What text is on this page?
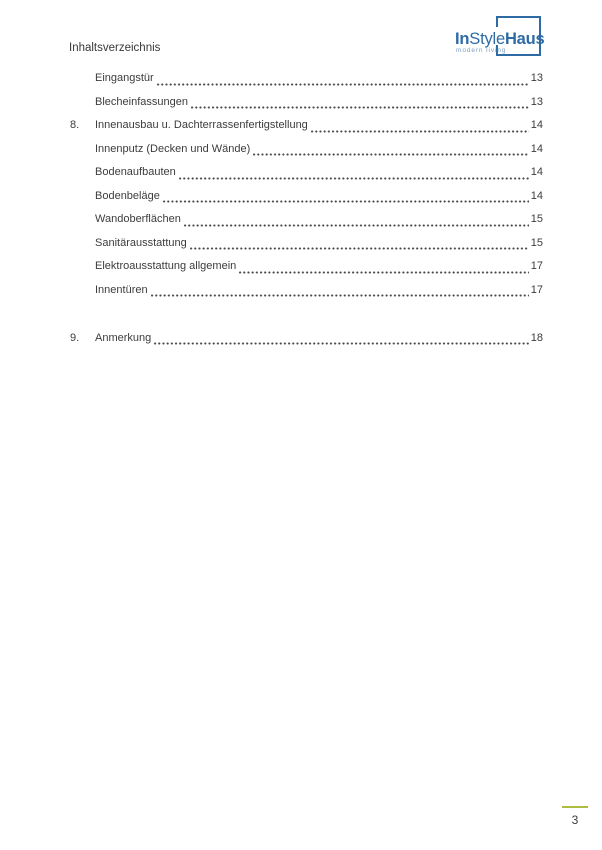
Inhaltsverzeichnis	InStyleHaus
modern living
Eingangstür	13
Blecheinfassungen	13
8.	Innenausbau u. Dachterrassenfertigstellung	14
Innenputz (Decken und Wände)	14
Bodenaufbauten	14
Bodenbeläge	14
Wandoberflächen	15
Sanitärausstattung	15
Elektroausstattung allgemein	17
Innentüren	17
9.	Anmerkung	18
3
